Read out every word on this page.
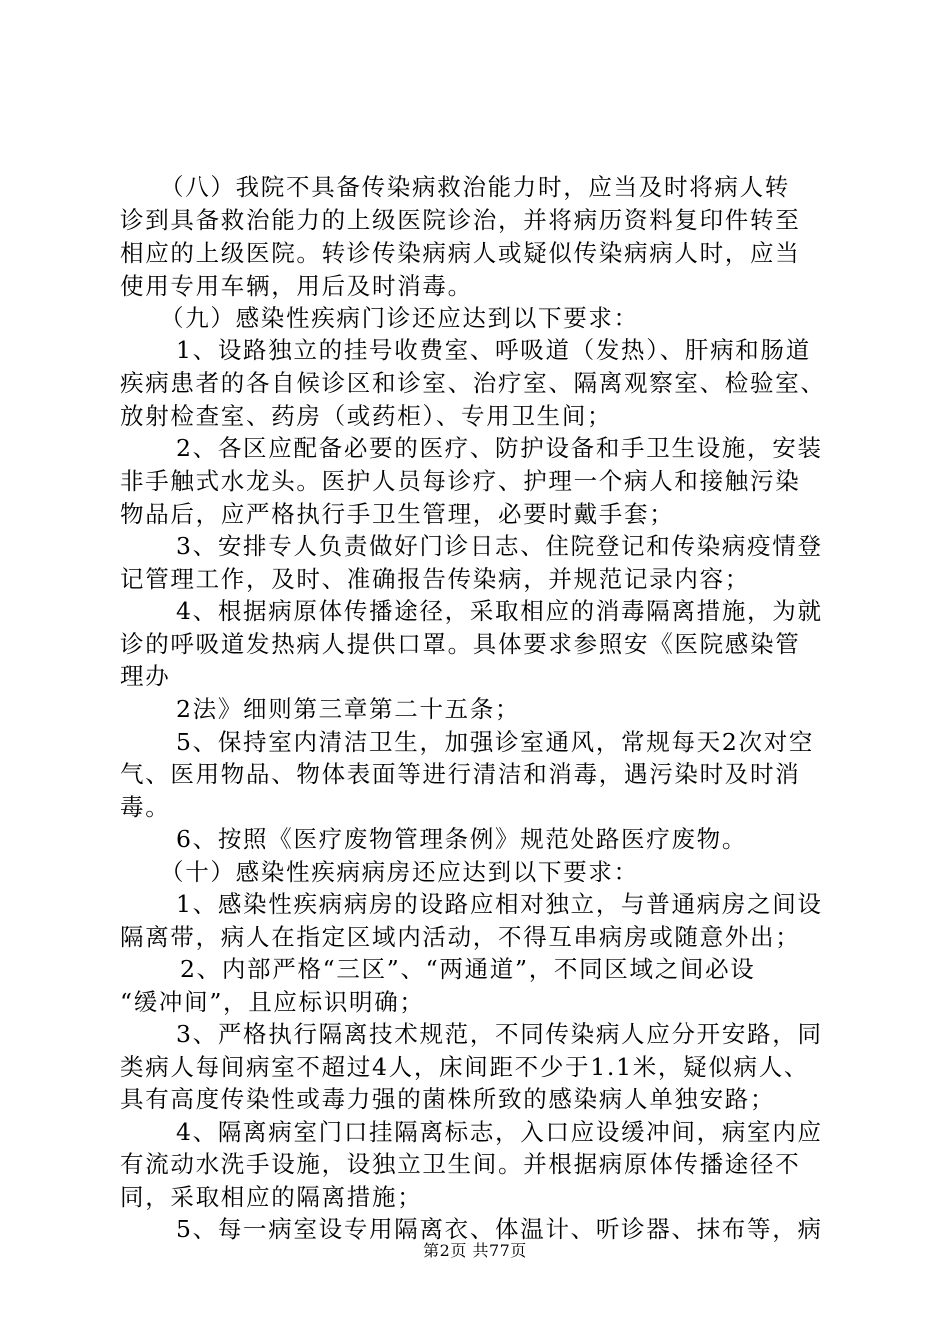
（八）我院不具备传染病救治能力时，应当及时将病人转
诊到具备救治能力的上级医院诊治，并将病历资料复印件转至
相应的上级医院。转诊传染病病人或疑似传染病病人时，应当
使用专用车辆，用后及时消毒。
（九）感染性疾病门诊还应达到以下要求：
1、设路独立的挂号收费室、呼吸道（发热）、肝病和肠道
疾病患者的各自候诊区和诊室、治疗室、隔离观察室、检验室、
放射检查室、药房（或药柜）、专用卫生间；
2、各区应配备必要的医疗、防护设备和手卫生设施，安装
非手触式水龙头。医护人员每诊疗、护理一个病人和接触污染
物品后，应严格执行手卫生管理，必要时戴手套；
3、安排专人负责做好门诊日志、住院登记和传染病疫情登
记管理工作，及时、准确报告传染病，并规范记录内容；
4、根据病原体传播途径，采取相应的消毒隔离措施，为就
诊的呼吸道发热病人提供口罩。具体要求参照安《医院感染管
理办
2法》细则第三章第二十五条；
5、保持室内清洁卫生，加强诊室通风，常规每天2次对空
气、医用物品、物体表面等进行清洁和消毒，遇污染时及时消
毒。
6、按照《医疗废物管理条例》规范处路医疗废物。
（十）感染性疾病病房还应达到以下要求：
1、感染性疾病病房的设路应相对独立，与普通病房之间设
隔离带，病人在指定区域内活动，不得互串病房或随意外出；
2、内部严格“三区”、“两通道”，不同区域之间必设
“缓冲间”，且应标识明确；
3、严格执行隔离技术规范，不同传染病人应分开安路，同
类病人每间病室不超过4人，床间距不少于1.1米，疑似病人、
具有高度传染性或毒力强的菌株所致的感染病人单独安路；
4、隔离病室门口挂隔离标志，入口应设缓冲间，病室内应
有流动水洗手设施，设独立卫生间。并根据病原体传播途径不
同，采取相应的隔离措施；
5、每一病室设专用隔离衣、体温计、听诊器、抹布等，病
第2页 共77页
